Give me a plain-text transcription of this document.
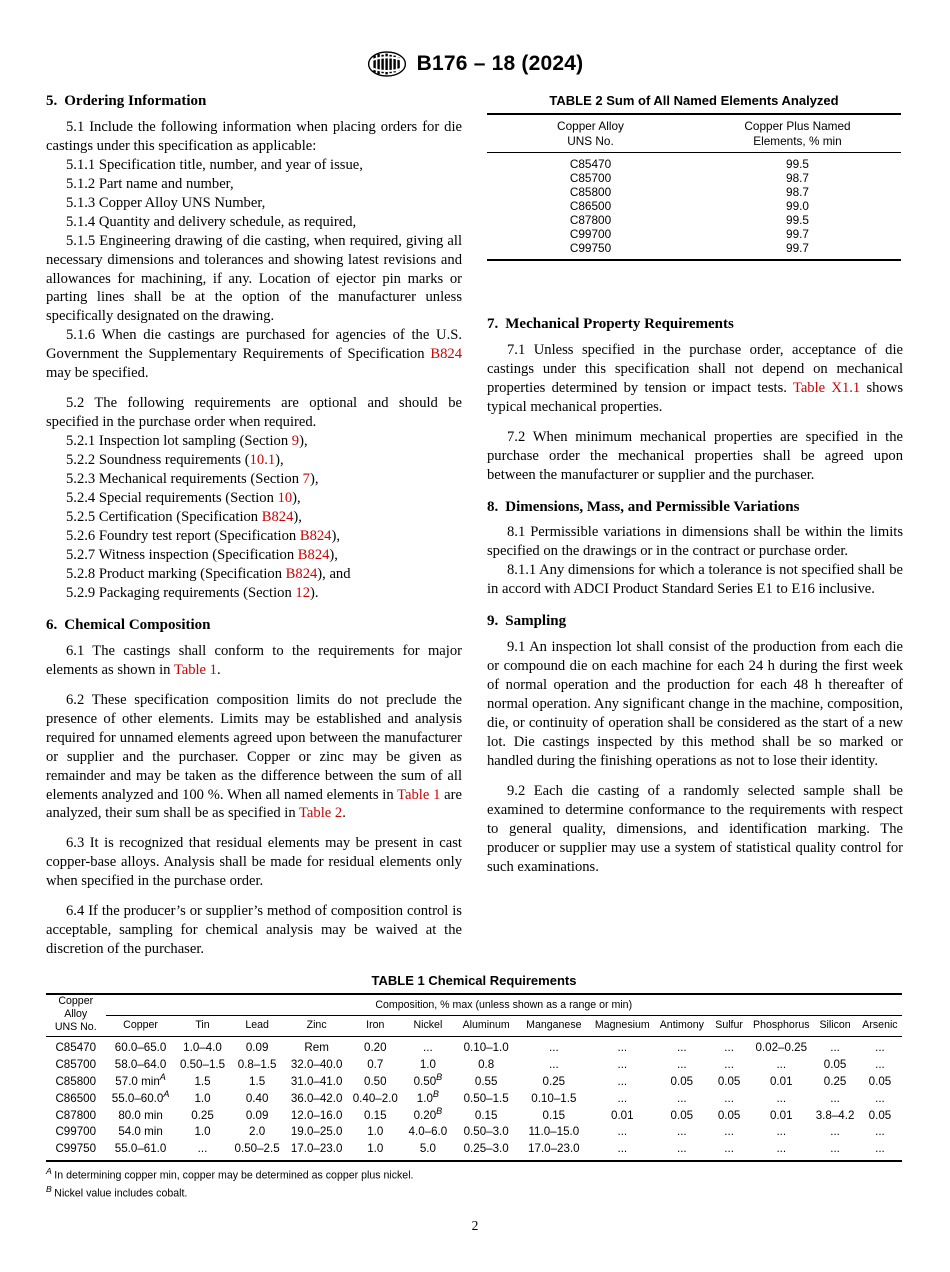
B176 – 18 (2024)
5. Ordering Information

5.1 Include the following information when placing orders for die castings under this specification as applicable:

5.1.1 Specification title, number, and year of issue,

5.1.2 Part name and number,

5.1.3 Copper Alloy UNS Number,

5.1.4 Quantity and delivery schedule, as required,

5.1.5 Engineering drawing of die casting, when required, giving all necessary dimensions and tolerances and showing latest revisions and allowances for machining, if any. Location of ejector pin marks or parting lines shall be at the option of the manufacturer unless specifically designated on the drawing.

5.1.6 When die castings are purchased for agencies of the U.S. Government the Supplementary Requirements of Specification B824 may be specified.

5.2 The following requirements are optional and should be specified in the purchase order when required.

5.2.1 Inspection lot sampling (Section 9),

5.2.2 Soundness requirements (10.1),

5.2.3 Mechanical requirements (Section 7),

5.2.4 Special requirements (Section 10),

5.2.5 Certification (Specification B824),

5.2.6 Foundry test report (Specification B824),

5.2.7 Witness inspection (Specification B824),

5.2.8 Product marking (Specification B824), and

5.2.9 Packaging requirements (Section 12).

6. Chemical Composition

6.1 The castings shall conform to the requirements for major elements as shown in Table 1.

6.2 These specification composition limits do not preclude the presence of other elements. Limits may be established and analysis required for unnamed elements agreed upon between the manufacturer or supplier and the purchaser. Copper or zinc may be given as remainder and may be taken as the difference between the sum of all elements analyzed and 100 %. When all named elements in Table 1 are analyzed, their sum shall be as specified in Table 2.

6.3 It is recognized that residual elements may be present in cast copper-base alloys. Analysis shall be made for residual elements only when specified in the purchase order.

6.4 If the producer’s or supplier’s method of composition control is acceptable, sampling for chemical analysis may be waived at the discretion of the purchaser.

TABLE 2 Sum of All Named Elements Analyzed
Copper Alloy
UNS No.

Copper Plus Named
Elements, % min

C85470	99.5
C85700	98.7
C85800	98.7
C86500	99.0
C87800	99.5
C99700	99.7
C99750	99.7
7. Mechanical Property Requirements

7.1 Unless specified in the purchase order, acceptance of die castings under this specification shall not depend on mechanical properties determined by tension or impact tests. Table X1.1 shows typical mechanical properties.

7.2 When minimum mechanical properties are specified in the purchase order the mechanical properties shall be agreed upon between the manufacturer or supplier and the purchaser.

8. Dimensions, Mass, and Permissible Variations

8.1 Permissible variations in dimensions shall be within the limits specified on the drawings or in the contract or purchase order.

8.1.1 Any dimensions for which a tolerance is not specified shall be in accord with ADCI Product Standard Series E1 to E16 inclusive.

9. Sampling

9.1 An inspection lot shall consist of the production from each die or compound die on each machine for each 24 h during the first week of normal operation and the production for each 48 h thereafter of normal operation. Any significant change in the machine, composition, die, or continuity of operation shall be considered as the start of a new lot. Die castings inspected by this method shall be so marked or handled during the finishing operations as not to lose their identity.

9.2 Each die casting of a randomly selected sample shall be examined to determine conformance to the requirements with respect to general quality, dimensions, and identification marking. The producer or supplier may use a system of statistical quality control for such examinations.

TABLE 1 Chemical Requirements
Copper
Alloy
UNS No.	Composition, % max (unless shown as a range or min)													
	Copper	Tin	Lead	Zinc	Iron	Nickel	Aluminum	Manganese	Magnesium	Antimony	Sulfur	Phosphorus	Silicon	Arsenic
C85470	60.0–65.0	1.0–4.0	0.09	Rem	0.20	...	0.10–1.0	...	...	...	...	0.02–0.25	...	...
C85700	58.0–64.0	0.50–1.5	0.8–1.5	32.0–40.0	0.7	1.0	0.8	...	...	...	...	...	0.05	...
C85800	57.0 min$^A$	1.5	1.5	31.0–41.0	0.50	0.50$^B$	0.55	0.25	...	0.05	0.05	0.01	0.25	0.05
C86500	55.0–60.0$^A$	1.0	0.40	36.0–42.0	0.40–2.0	1.0$^B$	0.50–1.5	0.10–1.5	...	...	...	...	...	...
C87800	80.0 min	0.25	0.09	12.0–16.0	0.15	0.20$^B$	0.15	0.15	0.01	0.05	0.05	0.01	3.8–4.2	0.05
C99700	54.0 min	1.0	2.0	19.0–25.0	1.0	4.0–6.0	0.50–3.0	11.0–15.0	...	...	...	...	...	...
C99750	55.0–61.0	...	0.50–2.5	17.0–23.0	1.0	5.0	0.25–3.0	17.0–23.0	...	...	...	...	...	...
$^A$ In determining copper min, copper may be determined as copper plus nickel.
$^B$ Nickel value includes cobalt.
2
